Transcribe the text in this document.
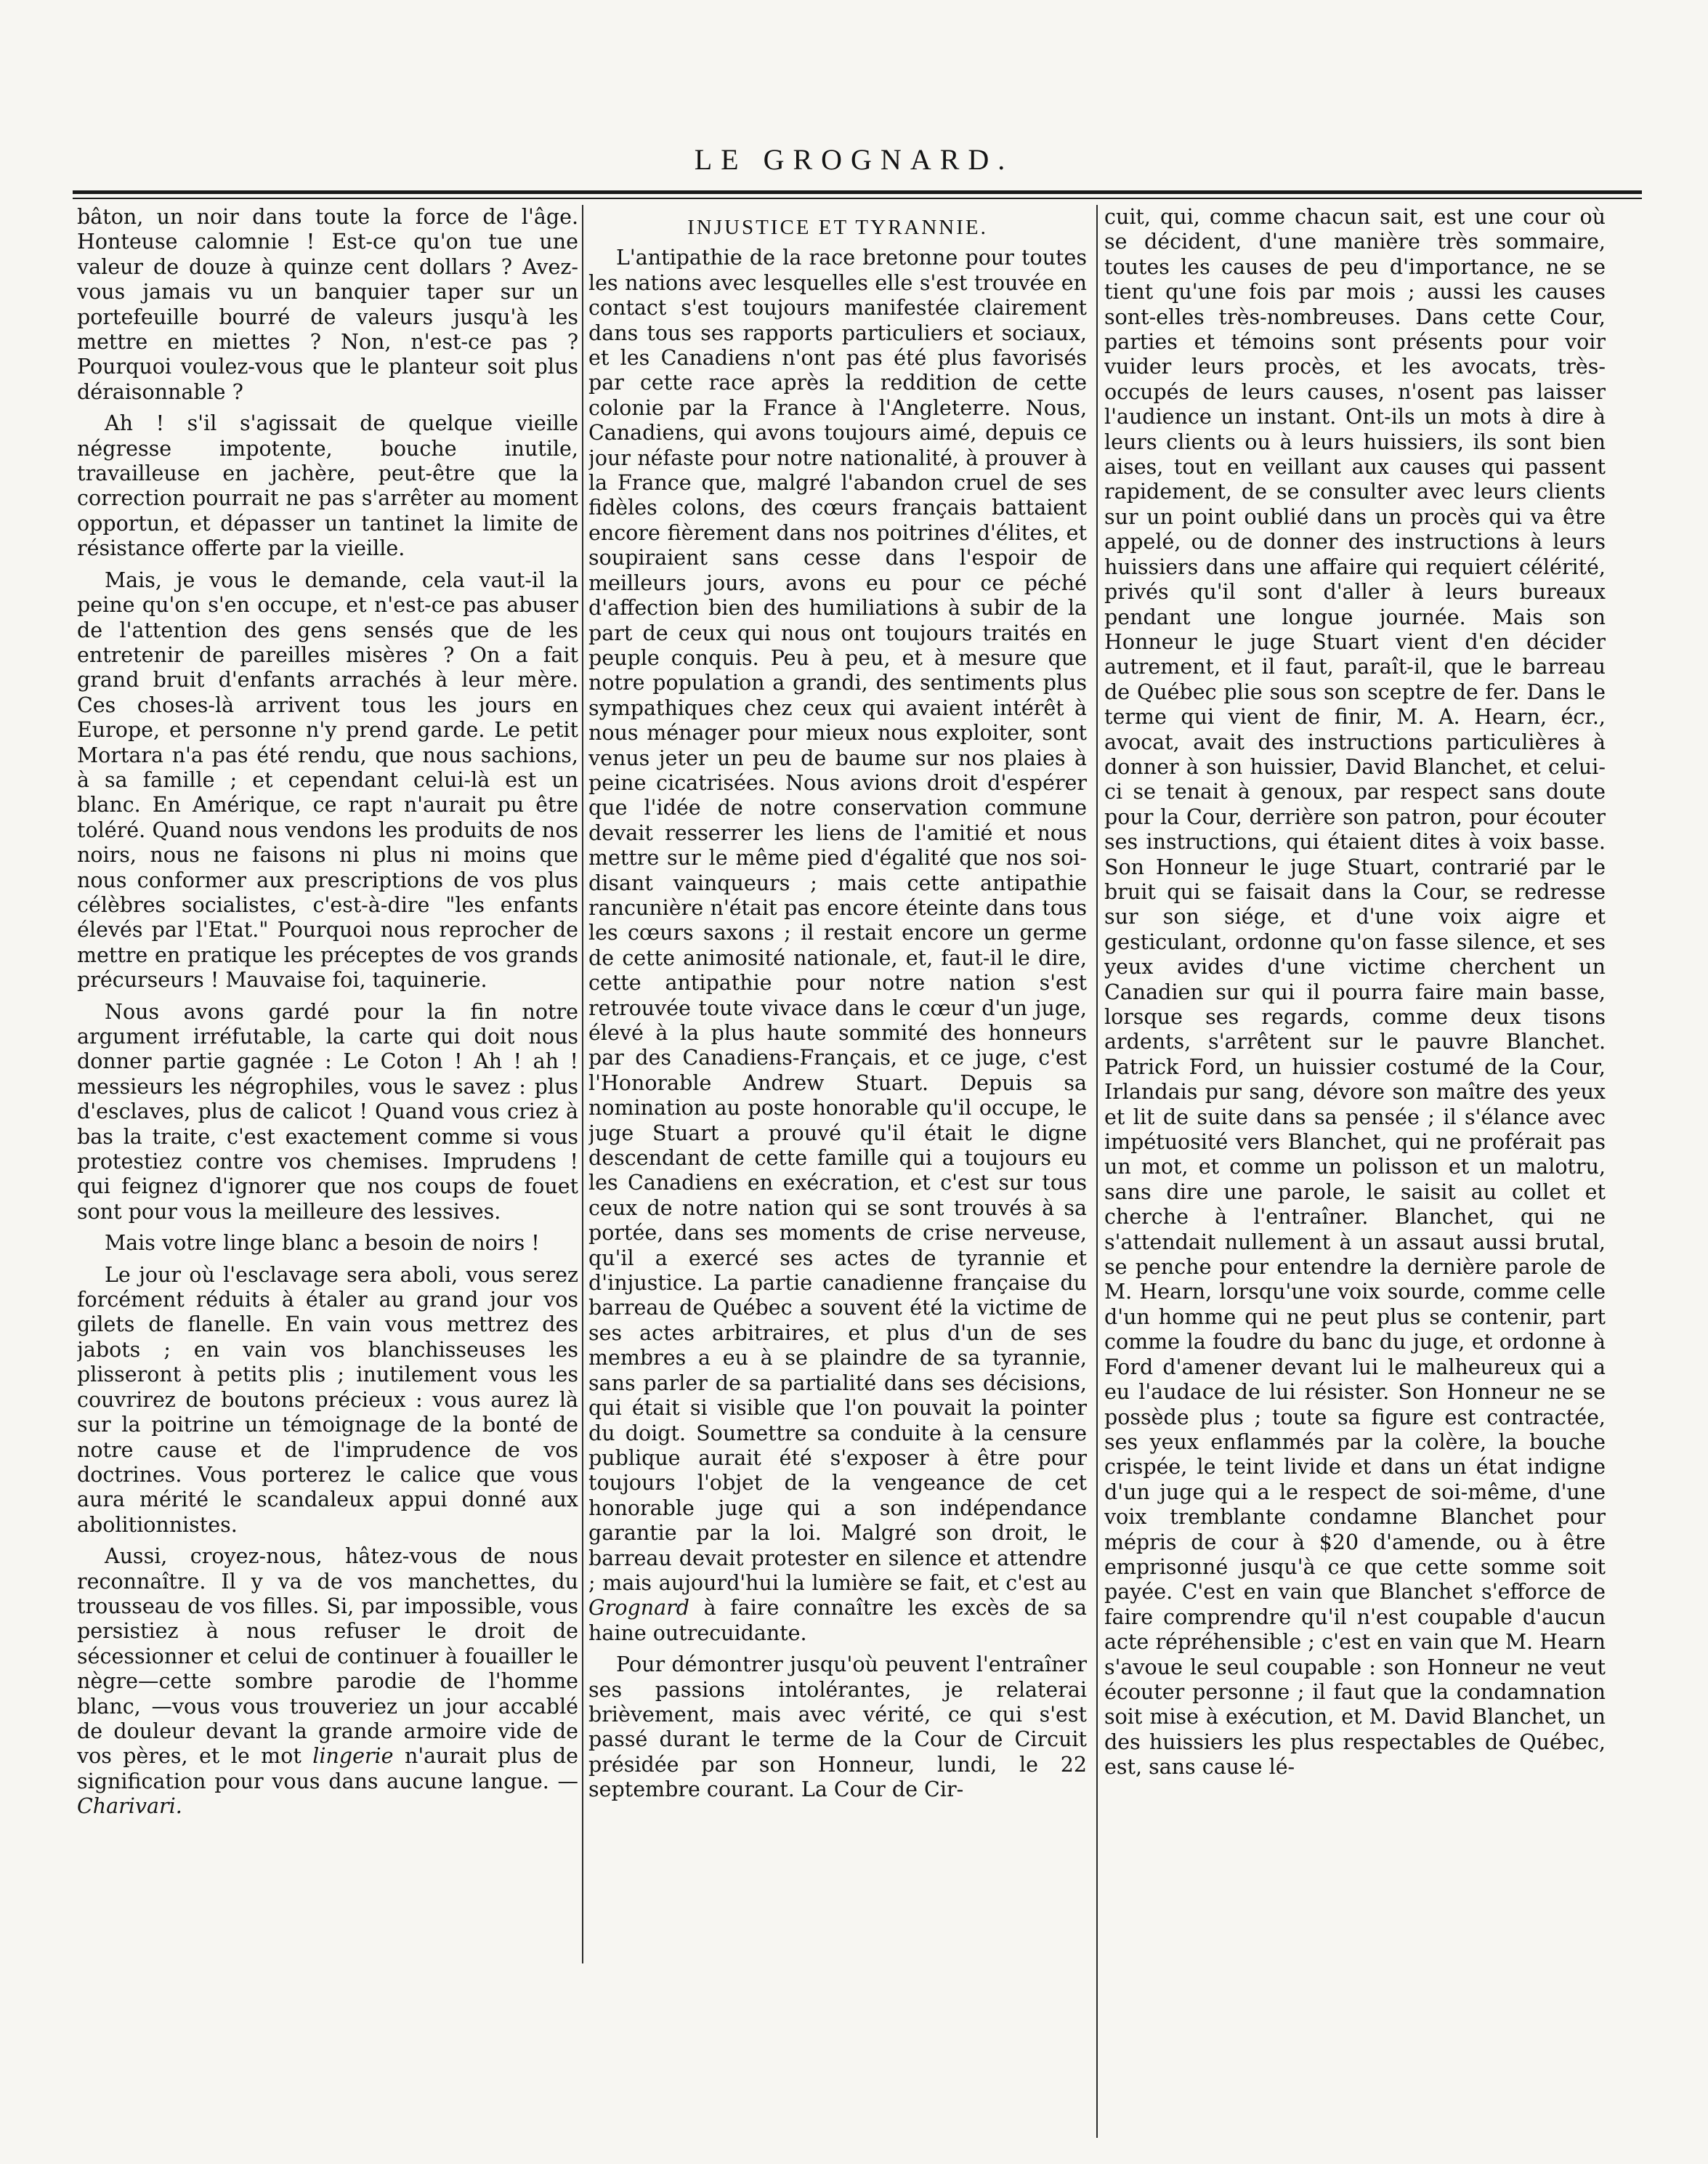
LE GROGNARD.

bâton, un noir dans toute la force de l'âge. Honteuse calomnie ! Est-ce qu'on tue une valeur de douze à quinze cent dollars ? Avez-vous jamais vu un banquier taper sur un portefeuille bourré de valeurs jusqu'à les mettre en miettes ? Non, n'est-ce pas ? Pourquoi voulez-vous que le planteur soit plus déraisonnable ?

Ah ! s'il s'agissait de quelque vieille négresse impotente, bouche inutile, travailleuse en jachère, peut-être que la correction pourrait ne pas s'arrêter au moment opportun, et dépasser un tantinet la limite de résistance offerte par la vieille.

Mais, je vous le demande, cela vaut-il la peine qu'on s'en occupe, et n'est-ce pas abuser de l'attention des gens sensés que de les entretenir de pareilles misères ? On a fait grand bruit d'enfants arrachés à leur mère. Ces choses-là arrivent tous les jours en Europe, et personne n'y prend garde. Le petit Mortara n'a pas été rendu, que nous sachions, à sa famille ; et cependant celui-là est un blanc. En Amérique, ce rapt n'aurait pu être toléré. Quand nous vendons les produits de nos noirs, nous ne faisons ni plus ni moins que nous conformer aux prescriptions de vos plus célèbres socialistes, c'est-à-dire "les enfants élevés par l'Etat." Pourquoi nous reprocher de mettre en pratique les préceptes de vos grands précurseurs ! Mauvaise foi, taquinerie.

Nous avons gardé pour la fin notre argument irréfutable, la carte qui doit nous donner partie gagnée : Le Coton ! Ah ! ah ! messieurs les négrophiles, vous le savez : plus d'esclaves, plus de calicot ! Quand vous criez à bas la traite, c'est exactement comme si vous protestiez contre vos chemises. Imprudens ! qui feignez d'ignorer que nos coups de fouet sont pour vous la meilleure des lessives.

Mais votre linge blanc a besoin de noirs !

Le jour où l'esclavage sera aboli, vous serez forcément réduits à étaler au grand jour vos gilets de flanelle. En vain vous mettrez des jabots ; en vain vos blanchisseuses les plisseront à petits plis ; inutilement vous les couvrirez de boutons précieux : vous aurez là sur la poitrine un témoignage de la bonté de notre cause et de l'imprudence de vos doctrines. Vous porterez le calice que vous aura mérité le scandaleux appui donné aux abolitionnistes.

Aussi, croyez-nous, hâtez-vous de nous reconnaître. Il y va de vos manchettes, du trousseau de vos filles. Si, par impossible, vous persistiez à nous refuser le droit de sécessionner et celui de continuer à fouailler le nègre—cette sombre parodie de l'homme blanc, —vous vous trouveriez un jour accablé de douleur devant la grande armoire vide de vos pères, et le mot lingerie n'aurait plus de signification pour vous dans aucune langue. — Charivari.

INJUSTICE ET TYRANNIE.

L'antipathie de la race bretonne pour toutes les nations avec lesquelles elle s'est trouvée en contact s'est toujours manifestée clairement dans tous ses rapports particuliers et sociaux, et les Canadiens n'ont pas été plus favorisés par cette race après la reddition de cette colonie par la France à l'Angleterre. Nous, Canadiens, qui avons toujours aimé, depuis ce jour néfaste pour notre nationalité, à prouver à la France que, malgré l'abandon cruel de ses fidèles colons, des cœurs français battaient encore fièrement dans nos poitrines d'élites, et soupiraient sans cesse dans l'espoir de meilleurs jours, avons eu pour ce péché d'affection bien des humiliations à subir de la part de ceux qui nous ont toujours traités en peuple conquis. Peu à peu, et à mesure que notre population a grandi, des sentiments plus sympathiques chez ceux qui avaient intérêt à nous ménager pour mieux nous exploiter, sont venus jeter un peu de baume sur nos plaies à peine cicatrisées. Nous avions droit d'espérer que l'idée de notre conservation commune devait resserrer les liens de l'amitié et nous mettre sur le même pied d'égalité que nos soi-disant vainqueurs ; mais cette antipathie rancunière n'était pas encore éteinte dans tous les cœurs saxons ; il restait encore un germe de cette animosité nationale, et, faut-il le dire, cette antipathie pour notre nation s'est retrouvée toute vivace dans le cœur d'un juge, élevé à la plus haute sommité des honneurs par des Canadiens-Français, et ce juge, c'est l'Honorable Andrew Stuart. Depuis sa nomination au poste honorable qu'il occupe, le juge Stuart a prouvé qu'il était le digne descendant de cette famille qui a toujours eu les Canadiens en exécration, et c'est sur tous ceux de notre nation qui se sont trouvés à sa portée, dans ses moments de crise nerveuse, qu'il a exercé ses actes de tyrannie et d'injustice. La partie canadienne française du barreau de Québec a souvent été la victime de ses actes arbitraires, et plus d'un de ses membres a eu à se plaindre de sa tyrannie, sans parler de sa partialité dans ses décisions, qui était si visible que l'on pouvait la pointer du doigt. Soumettre sa conduite à la censure publique aurait été s'exposer à être pour toujours l'objet de la vengeance de cet honorable juge qui a son indépendance garantie par la loi. Malgré son droit, le barreau devait protester en silence et attendre ; mais aujourd'hui la lumière se fait, et c'est au Grognard à faire connaître les excès de sa haine outrecuidante.

Pour démontrer jusqu'où peuvent l'entraîner ses passions intolérantes, je relaterai brièvement, mais avec vérité, ce qui s'est passé durant le terme de la Cour de Circuit présidée par son Honneur, lundi, le 22 septembre courant. La Cour de Cir-

cuit, qui, comme chacun sait, est une cour où se décident, d'une manière très sommaire, toutes les causes de peu d'importance, ne se tient qu'une fois par mois ; aussi les causes sont-elles très-nombreuses. Dans cette Cour, parties et témoins sont présents pour voir vuider leurs procès, et les avocats, très-occupés de leurs causes, n'osent pas laisser l'audience un instant. Ont-ils un mots à dire à leurs clients ou à leurs huissiers, ils sont bien aises, tout en veillant aux causes qui passent rapidement, de se consulter avec leurs clients sur un point oublié dans un procès qui va être appelé, ou de donner des instructions à leurs huissiers dans une affaire qui requiert célérité, privés qu'il sont d'aller à leurs bureaux pendant une longue journée. Mais son Honneur le juge Stuart vient d'en décider autrement, et il faut, paraît-il, que le barreau de Québec plie sous son sceptre de fer. Dans le terme qui vient de finir, M. A. Hearn, écr., avocat, avait des instructions particulières à donner à son huissier, David Blanchet, et celui-ci se tenait à genoux, par respect sans doute pour la Cour, derrière son patron, pour écouter ses instructions, qui étaient dites à voix basse. Son Honneur le juge Stuart, contrarié par le bruit qui se faisait dans la Cour, se redresse sur son siége, et d'une voix aigre et gesticulant, ordonne qu'on fasse silence, et ses yeux avides d'une victime cherchent un Canadien sur qui il pourra faire main basse, lorsque ses regards, comme deux tisons ardents, s'arrêtent sur le pauvre Blanchet. Patrick Ford, un huissier costumé de la Cour, Irlandais pur sang, dévore son maître des yeux et lit de suite dans sa pensée ; il s'élance avec impétuosité vers Blanchet, qui ne proférait pas un mot, et comme un polisson et un malotru, sans dire une parole, le saisit au collet et cherche à l'entraîner. Blanchet, qui ne s'attendait nullement à un assaut aussi brutal, se penche pour entendre la dernière parole de M. Hearn, lorsqu'une voix sourde, comme celle d'un homme qui ne peut plus se contenir, part comme la foudre du banc du juge, et ordonne à Ford d'amener devant lui le malheureux qui a eu l'audace de lui résister. Son Honneur ne se possède plus ; toute sa figure est contractée, ses yeux enflammés par la colère, la bouche crispée, le teint livide et dans un état indigne d'un juge qui a le respect de soi-même, d'une voix tremblante condamne Blanchet pour mépris de cour à $20 d'amende, ou à être emprisonné jusqu'à ce que cette somme soit payée. C'est en vain que Blanchet s'efforce de faire comprendre qu'il n'est coupable d'aucun acte répréhensible ; c'est en vain que M. Hearn s'avoue le seul coupable : son Honneur ne veut écouter personne ; il faut que la condamnation soit mise à exécution, et M. David Blanchet, un des huissiers les plus respectables de Québec, est, sans cause lé-
